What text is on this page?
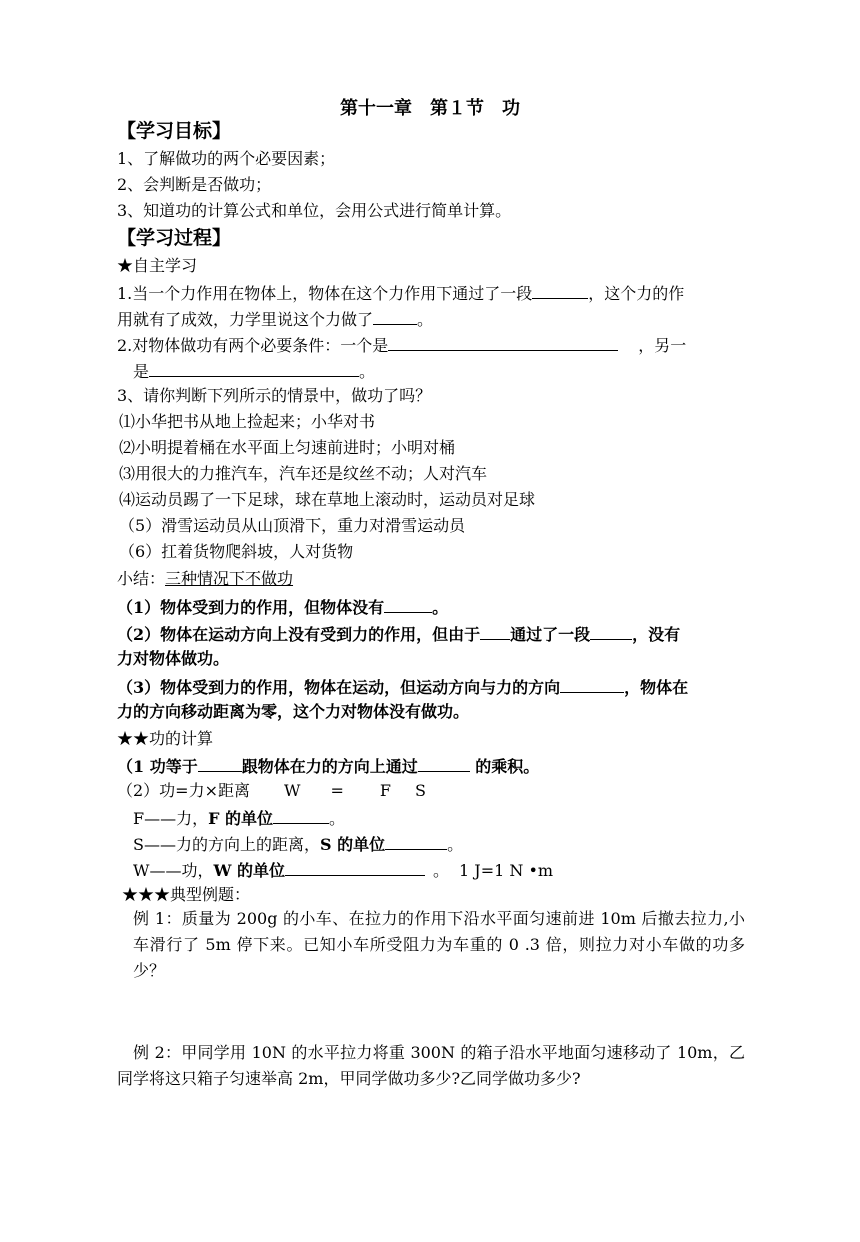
第十一章　第１节　功
【学习目标】
1、了解做功的两个必要因素；
2、会判断是否做功；
3、知道功的计算公式和单位，会用公式进行简单计算。
【学习过程】
★自主学习
1.当一个力作用在物体上，物体在这个力作用下通过了一段	，这个力的作
用就有了成效，力学里说这个力做了	。
2.对物体做功有两个必要条件：一个是	，另一
是	。
3、请你判断下列所示的情景中，做功了吗？
⑴小华把书从地上捡起来；小华对书
⑵小明提着桶在水平面上匀速前进时；小明对桶
⑶用很大的力推汽车，汽车还是纹丝不动；人对汽车
⑷运动员踢了一下足球，球在草地上滚动时，运动员对足球
（5）滑雪运动员从山顶滑下，重力对滑雪运动员
（6）扛着货物爬斜坡，人对货物
小结：三种情况下不做功
（1）物体受到力的作用，但物体没有	。
（2）物体在运动方向上没有受到力的作用，但由于 通过了一段	，没有
力对物体做功。
（3）物体受到力的作用，物体在运动，但运动方向与力的方向	，物体在
力的方向移动距离为零，这个力对物体没有做功。
★★功的计算
（1 功等于	跟物体在力的方向上通过	的乘积。
（2）功=力×距离 W = F S
F——力，F 的单位	。
S——力的方向上的距离，S 的单位	。
W——功，W 的单位	。 1 J=1 N •m
★★★典型例题：
例 1：质量为 200g 的小车、在拉力的作用下沿水平面匀速前进 10m 后撤去拉力,小车滑行了 5m 停下来。已知小车所受阻力为车重的 0 .3 倍，则拉力对小车做的功多少？
例 2：甲同学用 10N 的水平拉力将重 300N 的箱子沿水平地面匀速移动了 10m，乙同学将这只箱子匀速举高 2m，甲同学做功多少?乙同学做功多少?
